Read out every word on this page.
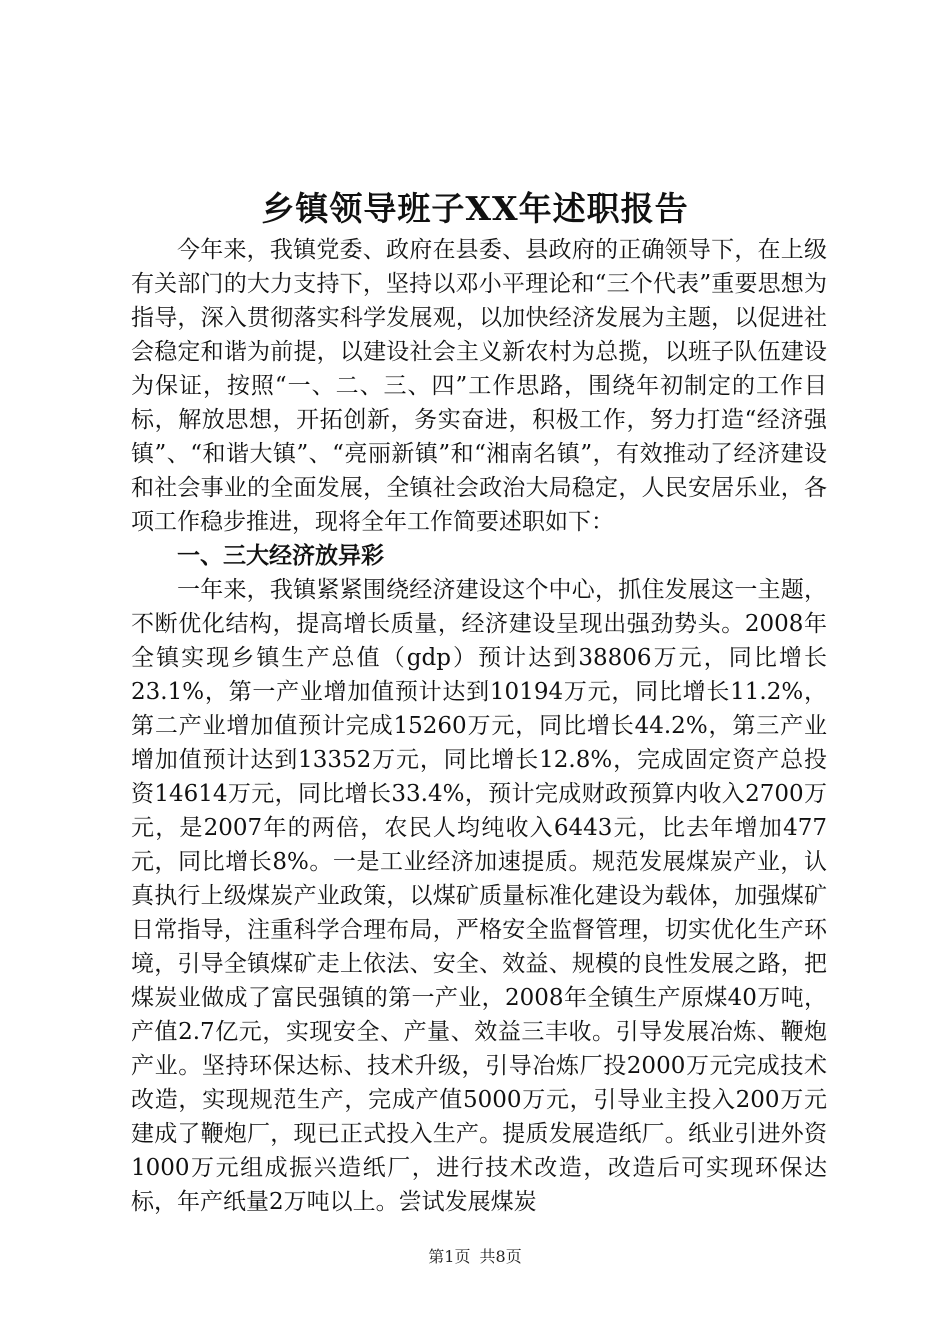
乡镇领导班子XX年述职报告

今年来，我镇党委、政府在县委、县政府的正确领导下，在上级有关部门的大力支持下，坚持以邓小平理论和“三个代表”重要思想为指导，深入贯彻落实科学发展观，以加快经济发展为主题，以促进社会稳定和谐为前提，以建设社会主义新农村为总揽，以班子队伍建设为保证，按照“一、二、三、四”工作思路，围绕年初制定的工作目标，解放思想，开拓创新，务实奋进，积极工作，努力打造“经济强镇”、“和谐大镇”、“亮丽新镇”和“湘南名镇”，有效推动了经济建设和社会事业的全面发展，全镇社会政治大局稳定，人民安居乐业，各项工作稳步推进，现将全年工作简要述职如下：

一、三大经济放异彩

一年来，我镇紧紧围绕经济建设这个中心，抓住发展这一主题，不断优化结构，提高增长质量，经济建设呈现出强劲势头。2008年全镇实现乡镇生产总值（gdp）预计达到38806万元，同比增长23.1%，第一产业增加值预计达到10194万元，同比增长11.2%，第二产业增加值预计完成15260万元，同比增长44.2%，第三产业增加值预计达到13352万元，同比增长12.8%，完成固定资产总投资14614万元，同比增长33.4%，预计完成财政预算内收入2700万元，是2007年的两倍，农民人均纯收入6443元，比去年增加477元，同比增长8%。一是工业经济加速提质。规范发展煤炭产业，认真执行上级煤炭产业政策，以煤矿质量标准化建设为载体，加强煤矿日常指导，注重科学合理布局，严格安全监督管理，切实优化生产环境，引导全镇煤矿走上依法、安全、效益、规模的良性发展之路，把煤炭业做成了富民强镇的第一产业，2008年全镇生产原煤40万吨，产值2.7亿元，实现安全、产量、效益三丰收。引导发展冶炼、鞭炮产业。坚持环保达标、技术升级，引导冶炼厂投2000万元完成技术改造，实现规范生产，完成产值5000万元，引导业主投入200万元建成了鞭炮厂，现已正式投入生产。提质发展造纸厂。纸业引进外资1000万元组成振兴造纸厂，进行技术改造，改造后可实现环保达标，年产纸量2万吨以上。尝试发展煤炭

第1页 共8页
